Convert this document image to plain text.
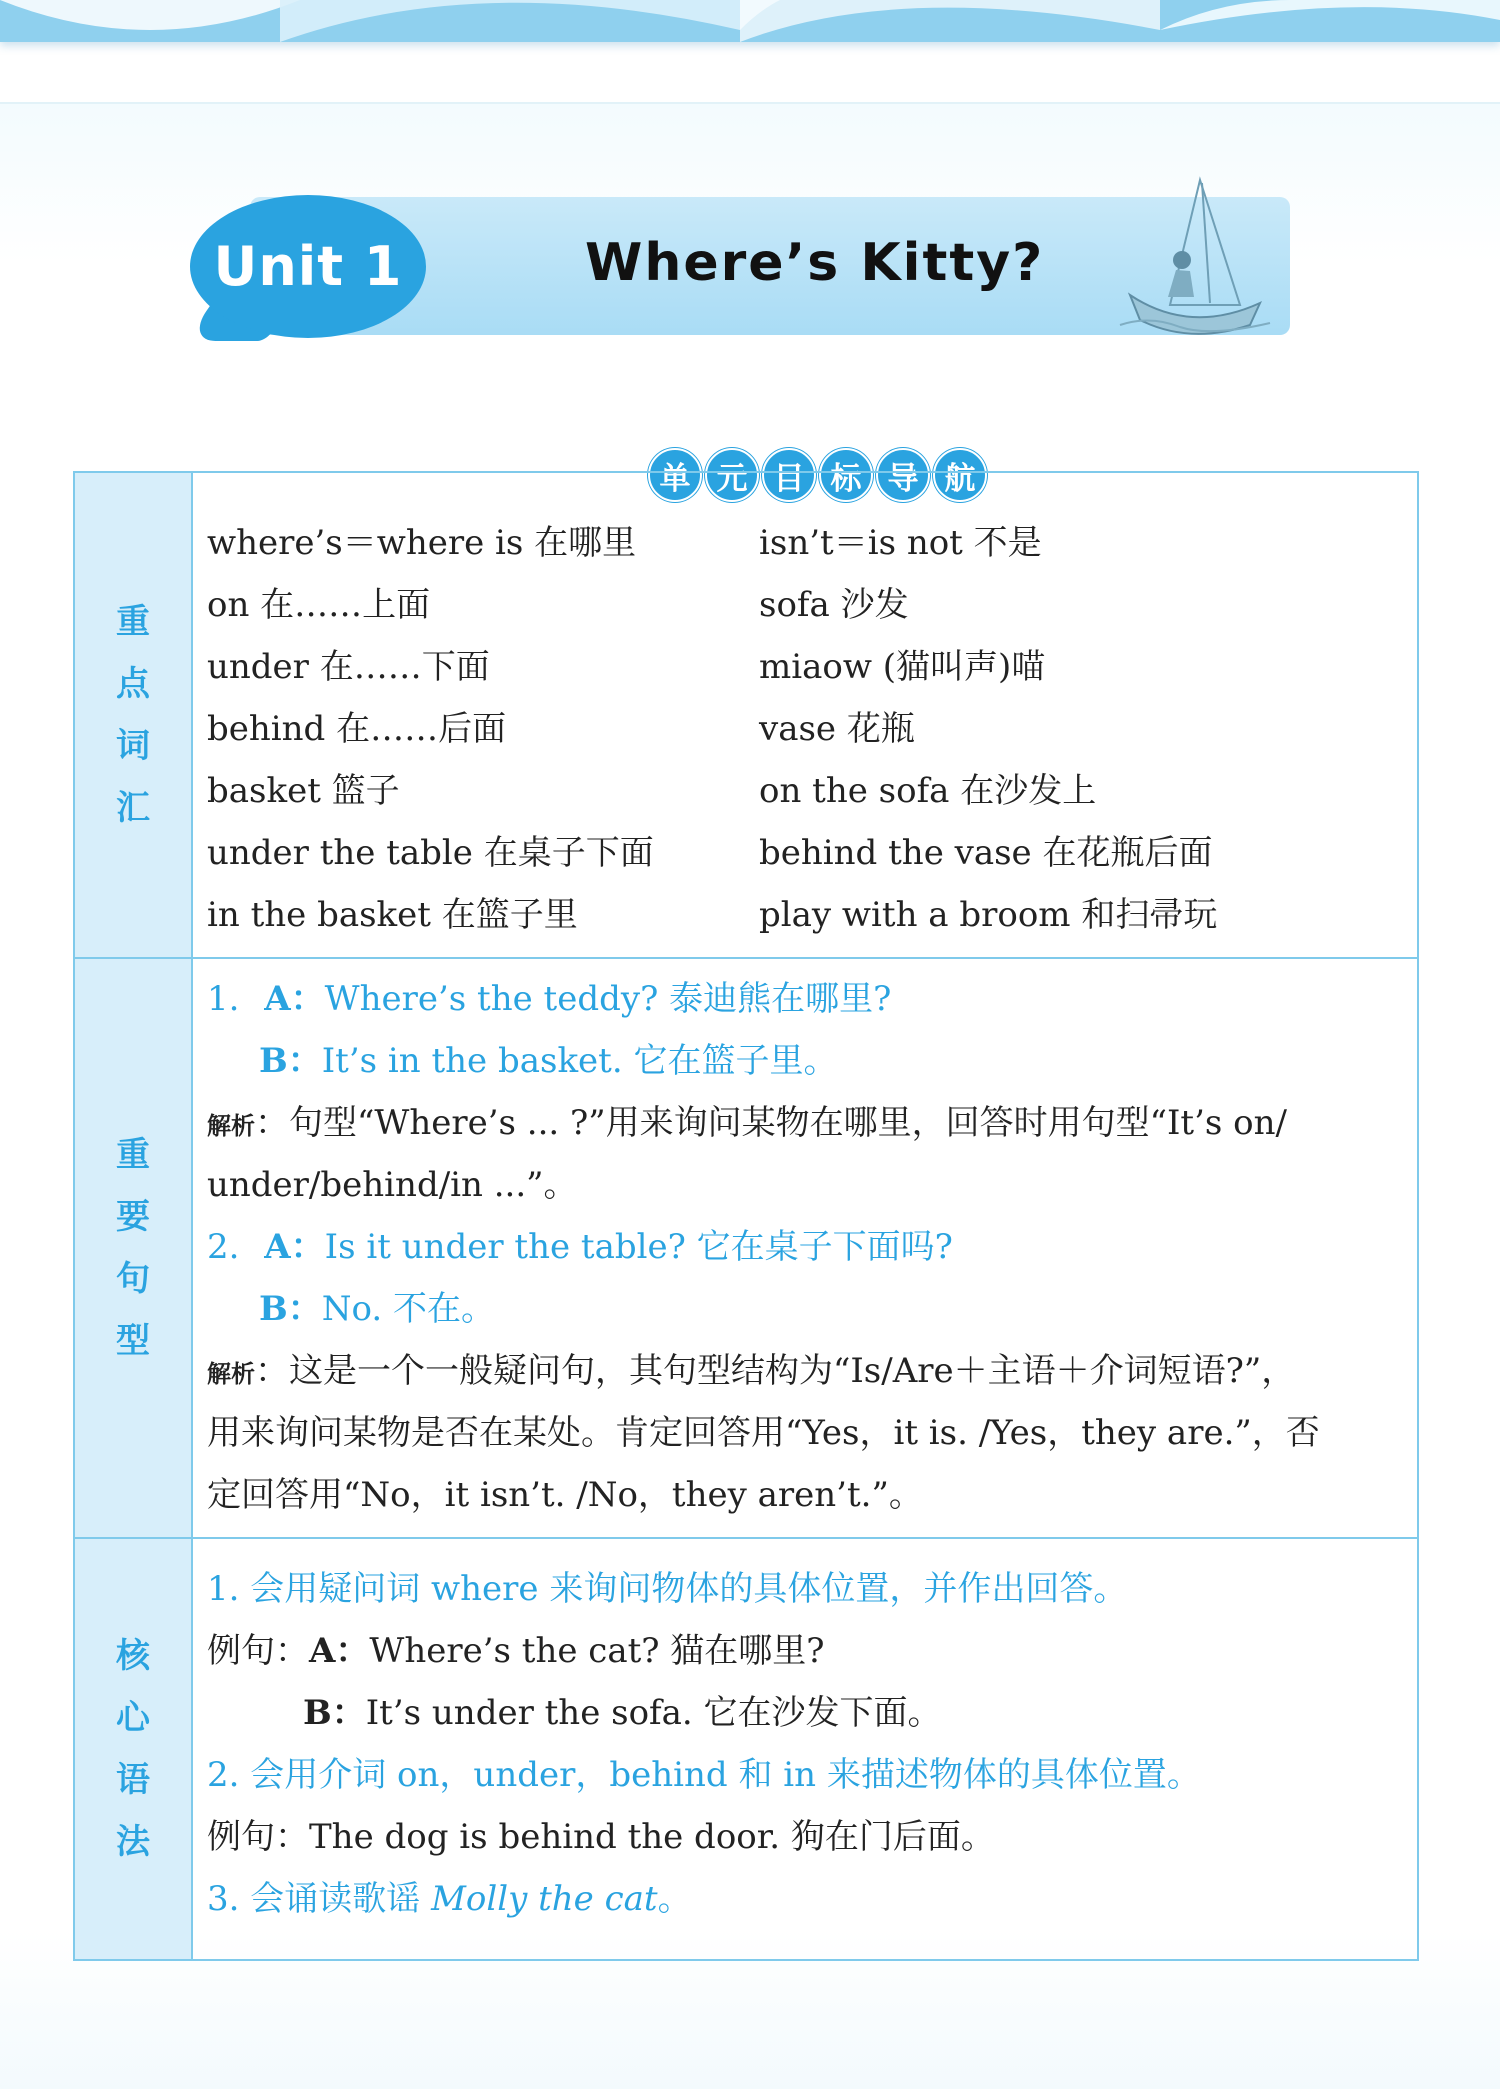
Unit 1	Where’s Kitty?
单 元 目 标 导 航
重
点
词
汇
where’s＝where is 在哪里
on 在……上面
under 在……下面
behind 在……后面
basket 篮子
under the table 在桌子下面
in the basket 在篮子里
isn’t＝is not 不是
sofa 沙发
miaow (猫叫声)喵
vase 花瓶
on the sofa 在沙发上
behind the vase 在花瓶后面
play with a broom 和扫帚玩
重
要
句
型
1. A：Where’s the teddy? 泰迪熊在哪里?
B：It’s in the basket. 它在篮子里。
解析：句型“Where’s ... ?”用来询问某物在哪里，回答时用句型“It’s on/
under/behind/in ...”。
2. A：Is it under the table? 它在桌子下面吗?
B：No. 不在。
解析：这是一个一般疑问句，其句型结构为“Is/Are＋主语＋介词短语?”，
用来询问某物是否在某处。肯定回答用“Yes，it is. /Yes，they are.”，否
定回答用“No，it isn’t. /No，they aren’t.”。
核
心
语
法
1. 会用疑问词 where 来询问物体的具体位置，并作出回答。
例句：A：Where’s the cat? 猫在哪里?
B：It’s under the sofa. 它在沙发下面。
2. 会用介词 on，under，behind 和 in 来描述物体的具体位置。
例句：The dog is behind the door. 狗在门后面。
3. 会诵读歌谣 Molly the cat。
